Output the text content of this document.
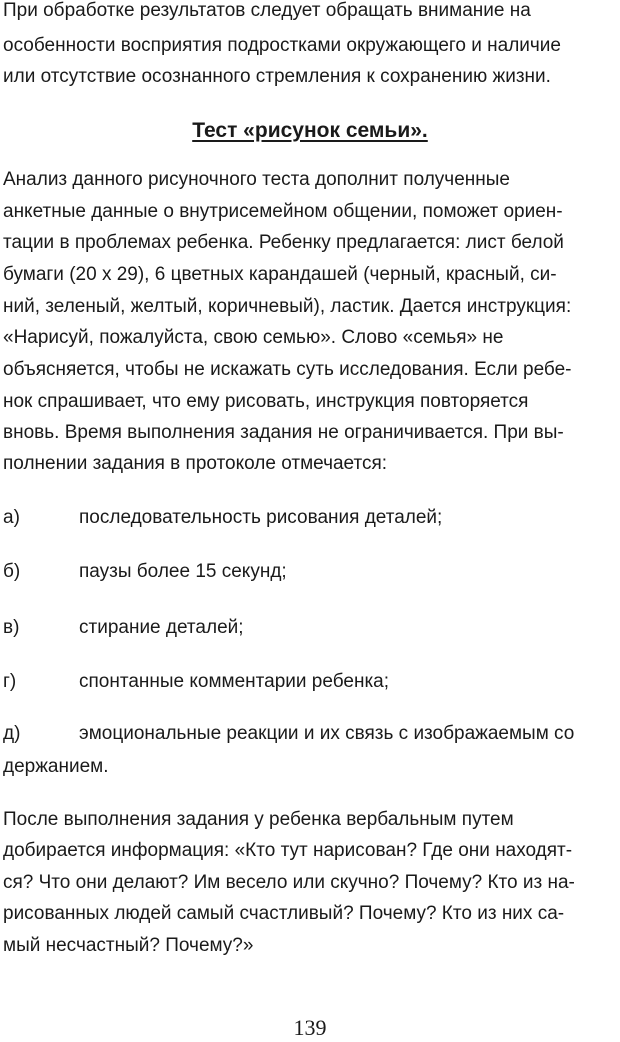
При обработке результатов следует обращать внимание на
особенности восприятия подростками окружающего и наличие
или отсутствие осознанного стремления к сохранению жизни.
Тест «рисунок семьи».
Анализ данного рисуночного теста дополнит полученные
анкетные данные о внутрисемейном общении, поможет ориен-
тации в проблемах ребенка. Ребенку предлагается: лист белой
бумаги (20 х 29), 6 цветных карандашей (черный, красный, си-
ний, зеленый, желтый, коричневый), ластик. Дается инструкция:
«Нарисуй, пожалуйста, свою семью». Слово «семья» не
объясняется, чтобы не искажать суть исследования. Если ребе-
нок спрашивает, что ему рисовать, инструкция повторяется
вновь. Время выполнения задания не ограничивается. При вы-
полнении задания в протоколе отмечается:
а)	последовательность рисования деталей;
б)	паузы более 15 секунд;
в)	стирание деталей;
г)	спонтанные комментарии ребенка;
д)	эмоциональные реакции и их связь с изображаемым со
держанием.
После выполнения задания у ребенка вербальным путем
добирается информация: «Кто тут нарисован? Где они находят-
ся? Что они делают? Им весело или скучно? Почему? Кто из на-
рисованных людей самый счастливый? Почему? Кто из них са-
мый несчастный? Почему?»
139
